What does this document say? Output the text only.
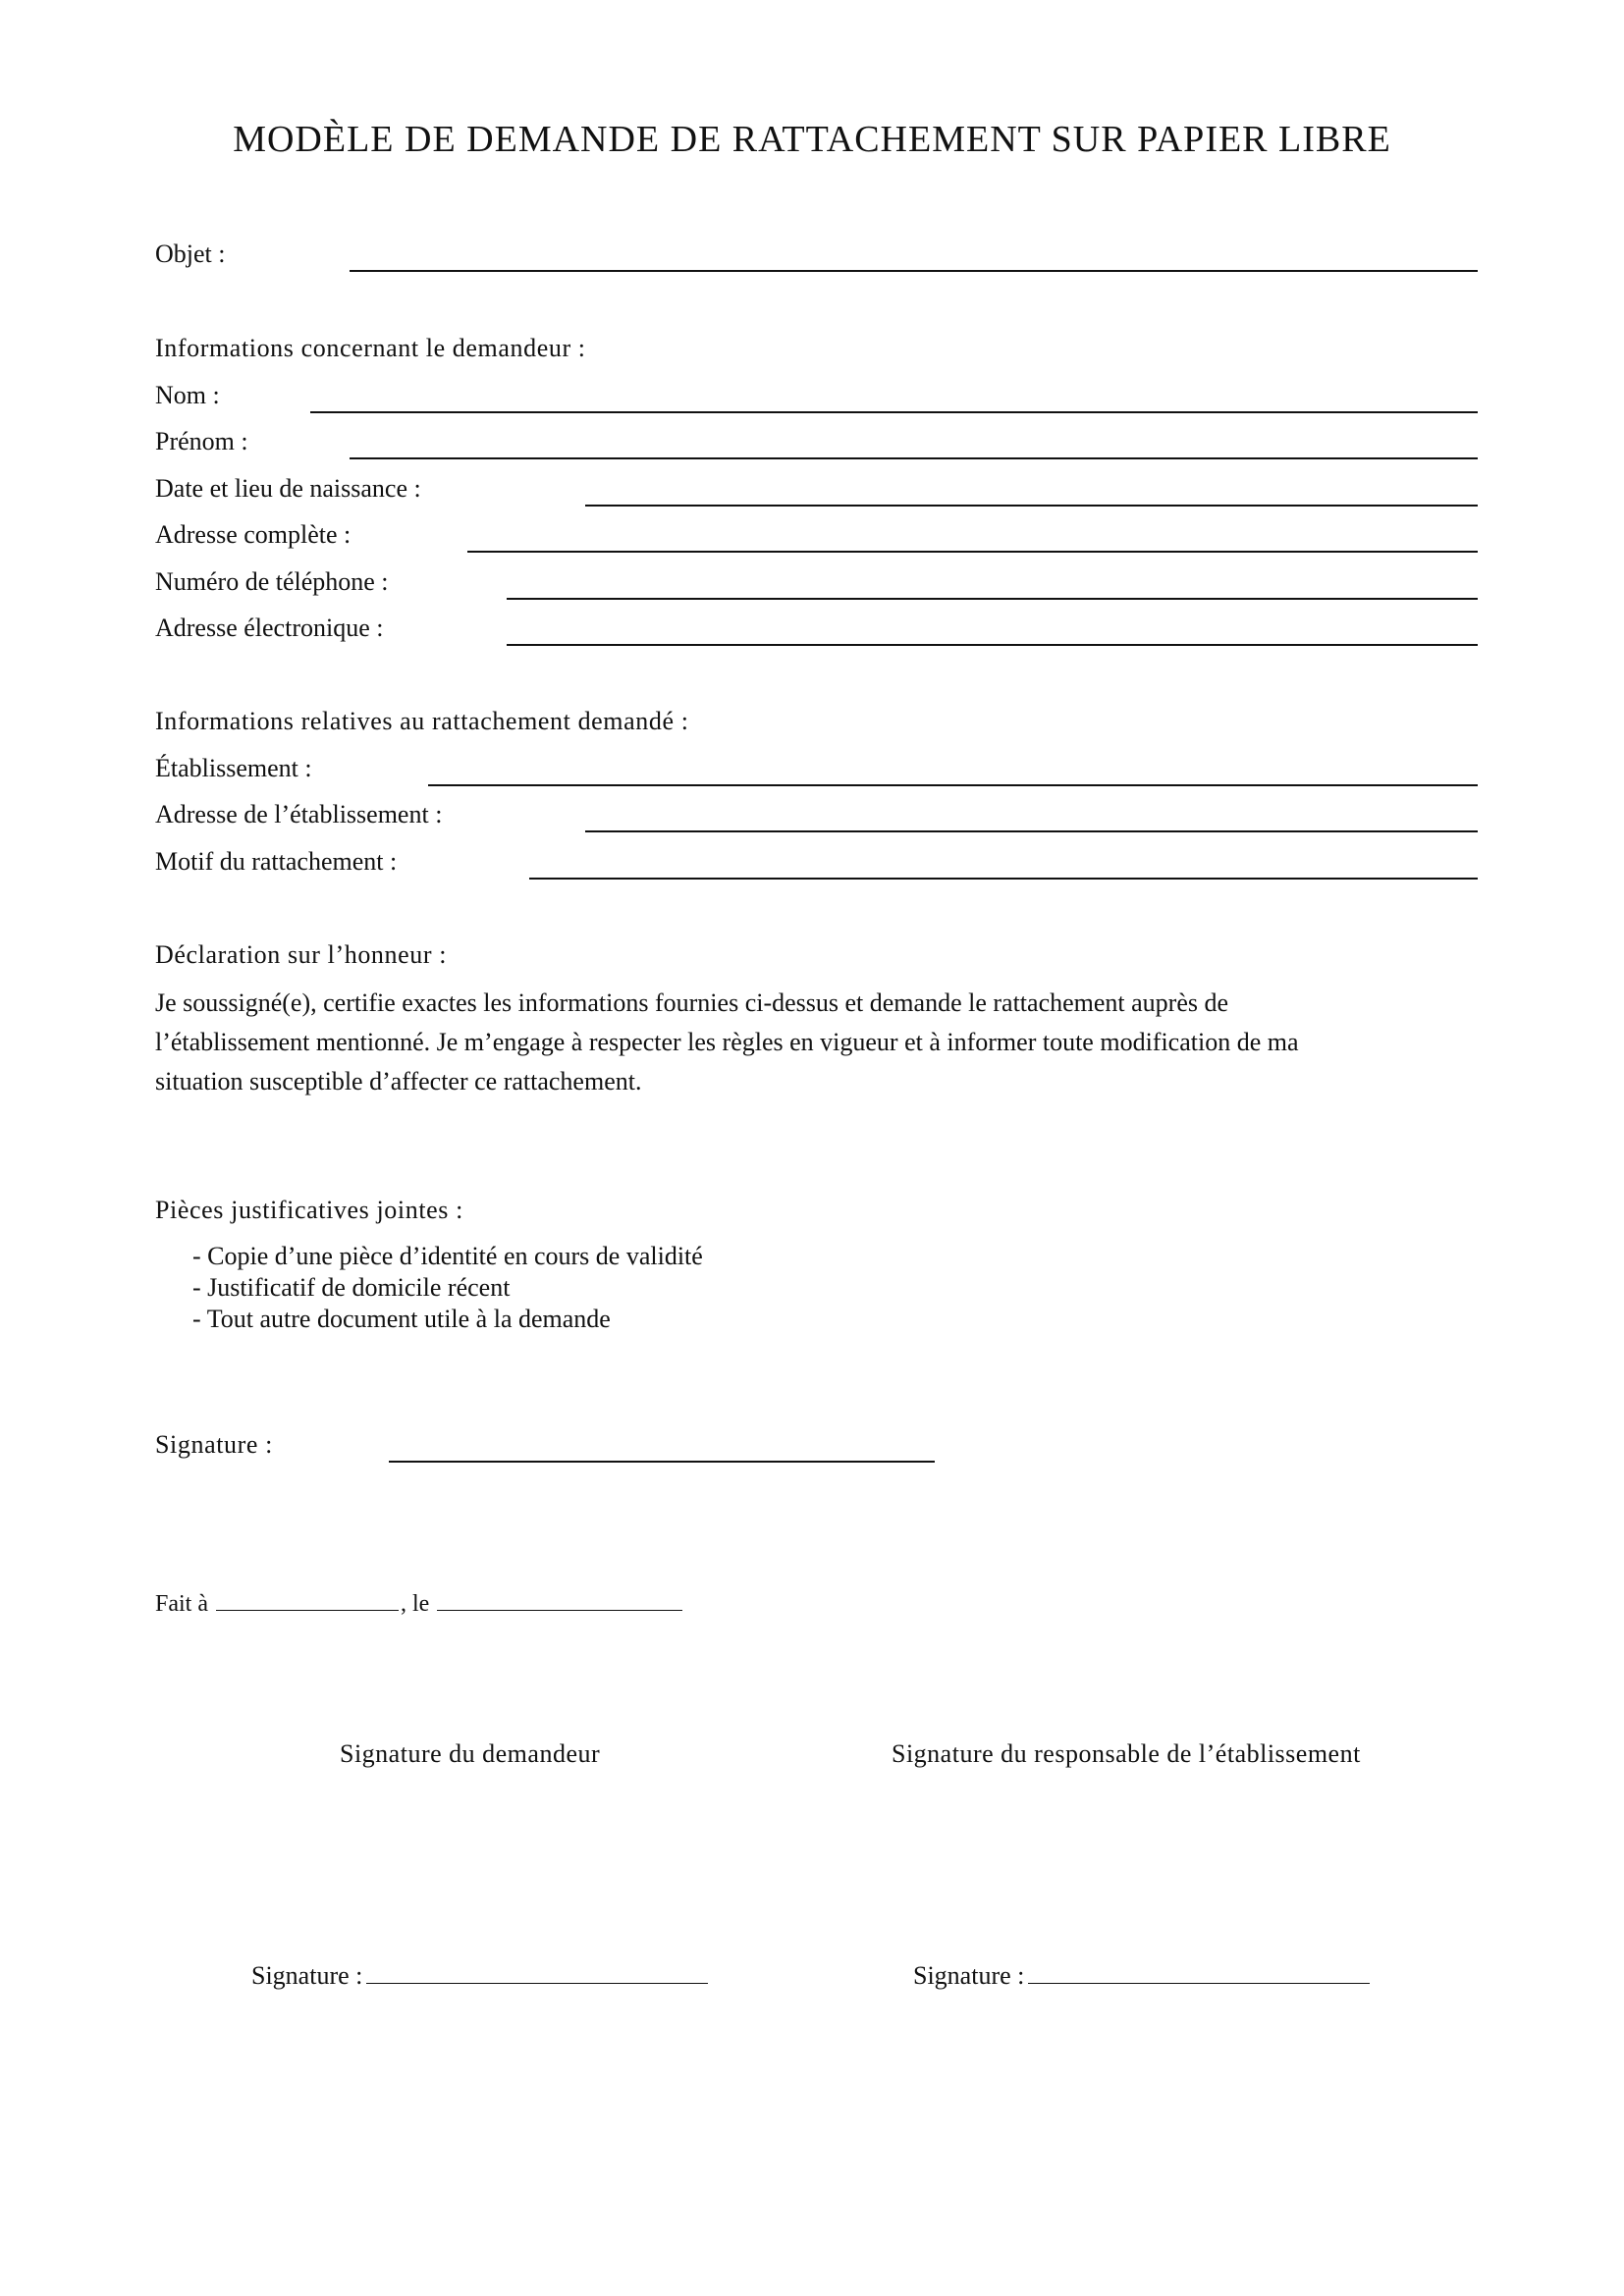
MODÈLE DE DEMANDE DE RATTACHEMENT SUR PAPIER LIBRE
Objet :
Informations concernant le demandeur :
Nom :
Prénom :
Date et lieu de naissance :
Adresse complète :
Numéro de téléphone :
Adresse électronique :
Informations relatives au rattachement demandé :
Établissement :
Adresse de l’établissement :
Motif du rattachement :
Déclaration sur l’honneur :

Je soussigné(e), certifie exactes les informations fournies ci-dessus et demande le rattachement auprès de

l’établissement mentionné. Je m’engage à respecter les règles en vigueur et à informer toute modification de ma

situation susceptible d’affecter ce rattachement.

Pièces justificatives jointes :
- Copie d’une pièce d’identité en cours de validité
- Justificatif de domicile récent
- Tout autre document utile à la demande
Signature :
Fait à	, le
Signature du demandeur	Signature du responsable de l’établissement
Signature :	Signature :
